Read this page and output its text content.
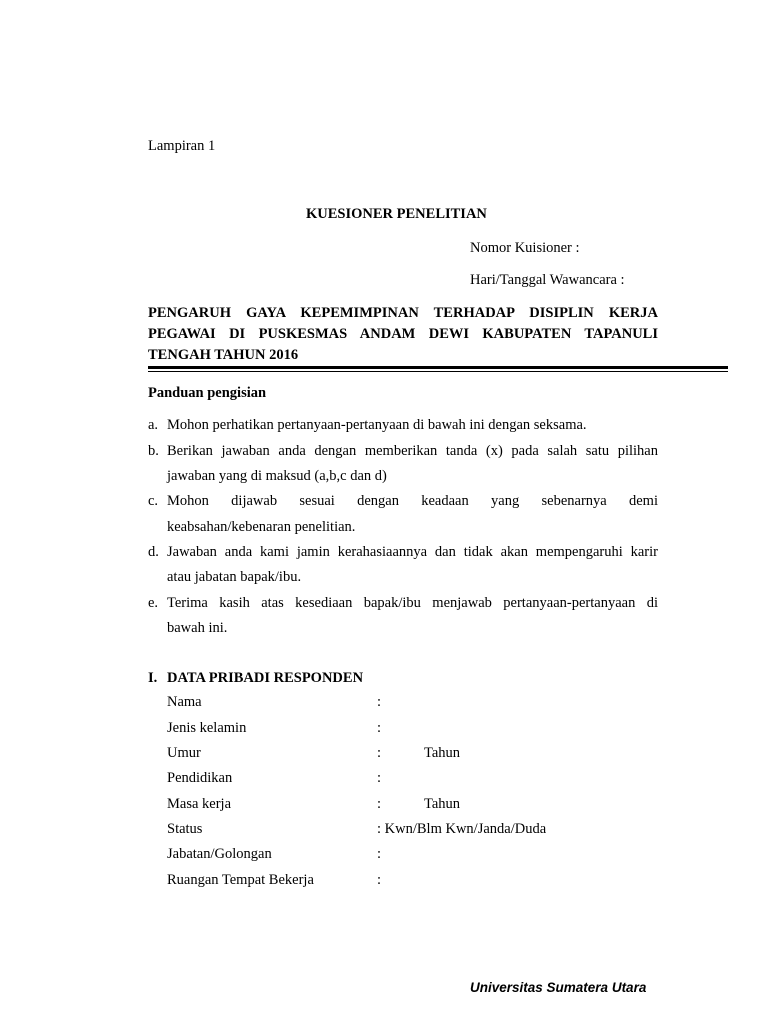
Lampiran 1
KUESIONER PENELITIAN
Nomor Kuisioner :
Hari/Tanggal Wawancara :
PENGARUH GAYA KEPEMIMPINAN TERHADAP DISIPLIN KERJA
PEGAWAI DI PUSKESMAS ANDAM DEWI KABUPATEN TAPANULI
TENGAH TAHUN 2016
Panduan pengisian
a. Mohon perhatikan pertanyaan-pertanyaan di bawah ini dengan seksama.
b. Berikan jawaban anda dengan memberikan tanda (x) pada salah satu pilihan
jawaban yang di maksud (a,b,c dan d)
c. Mohon dijawab sesuai dengan keadaan yang sebenarnya demi
keabsahan/kebenaran penelitian.
d. Jawaban anda kami jamin kerahasiaannya dan tidak akan mempengaruhi karir
atau jabatan bapak/ibu.
e. Terima kasih atas kesediaan bapak/ibu menjawab pertanyaan-pertanyaan di
bawah ini.
I. DATA PRIBADI RESPONDEN
Nama	:
Jenis kelamin	:
Umur	:	Tahun
Pendidikan	:
Masa kerja	:	Tahun
Status	: Kwn/Blm Kwn/Janda/Duda
Jabatan/Golongan	:
Ruangan Tempat Bekerja	:
Universitas Sumatera Utara
